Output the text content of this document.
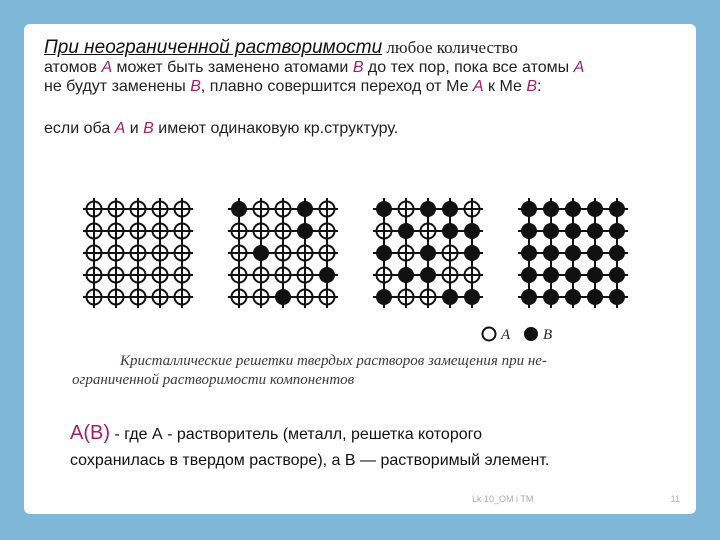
При неограниченной растворимости любое количество
атомов A может быть заменено атомами B до тех пор, пока все атомы A
не будут заменены B, плавно совершится переход от Ме A к Ме B:
если оба A и B имеют одинаковую кр.структуру.
A B
Кристаллические решетки твердых растворов замещения при не-
ограниченной растворимости компонентов
A(B) - где А - растворитель (металл, решетка которого
сохранилась в твердом растворе), а В — растворимый элемент.
Lk 10_OM i TM	11
